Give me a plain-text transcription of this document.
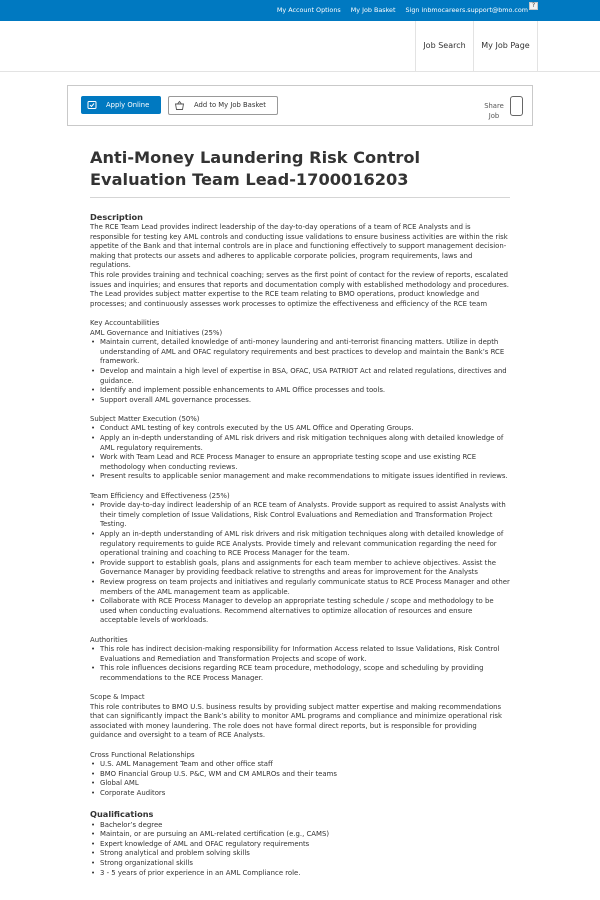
My Account Options My Job Basket Sign inbmocareers.support@bmo.com
?
Job Search	My Job Page
Apply Online	Add to My Job Basket	Share Job
Anti-Money Laundering Risk Control Evaluation Team Lead-1700016203
Description
The RCE Team Lead provides indirect leadership of the day-to-day operations of a team of RCE Analysts and is responsible for testing key AML controls and conducting issue validations to ensure business activities are within the risk appetite of the Bank and that internal controls are in place and functioning effectively to support management decision-making that protects our assets and adheres to applicable corporate policies, program requirements, laws and regulations.
This role provides training and technical coaching; serves as the first point of contact for the review of reports, escalated issues and inquiries; and ensures that reports and documentation comply with established methodology and procedures.
The Lead provides subject matter expertise to the RCE team relating to BMO operations, product knowledge and processes; and continuously assesses work processes to optimize the effectiveness and efficiency of the RCE team
Key Accountabilities
AML Governance and Initiatives (25%)
• Maintain current, detailed knowledge of anti-money laundering and anti-terrorist financing matters. Utilize in depth understanding of AML and OFAC regulatory requirements and best practices to develop and maintain the Bank’s RCE framework.
• Develop and maintain a high level of expertise in BSA, OFAC, USA PATRIOT Act and related regulations, directives and guidance.
• Identify and implement possible enhancements to AML Office processes and tools.
• Support overall AML governance processes.
Subject Matter Execution (50%)
• Conduct AML testing of key controls executed by the US AML Office and Operating Groups.
• Apply an in-depth understanding of AML risk drivers and risk mitigation techniques along with detailed knowledge of AML regulatory requirements.
• Work with Team Lead and RCE Process Manager to ensure an appropriate testing scope and use existing RCE methodology when conducting reviews.
• Present results to applicable senior management and make recommendations to mitigate issues identified in reviews.
Team Efficiency and Effectiveness (25%)
• Provide day-to-day indirect leadership of an RCE team of Analysts. Provide support as required to assist Analysts with their timely completion of Issue Validations, Risk Control Evaluations and Remediation and Transformation Project Testing.
• Apply an in-depth understanding of AML risk drivers and risk mitigation techniques along with detailed knowledge of regulatory requirements to guide RCE Analysts. Provide timely and relevant communication regarding the need for operational training and coaching to RCE Process Manager for the team.
• Provide support to establish goals, plans and assignments for each team member to achieve objectives. Assist the Governance Manager by providing feedback relative to strengths and areas for improvement for the Analysts
• Review progress on team projects and initiatives and regularly communicate status to RCE Process Manager and other members of the AML management team as applicable.
• Collaborate with RCE Process Manager to develop an appropriate testing schedule / scope and methodology to be used when conducting evaluations. Recommend alternatives to optimize allocation of resources and ensure acceptable levels of workloads.
Authorities
• This role has indirect decision-making responsibility for Information Access related to Issue Validations, Risk Control Evaluations and Remediation and Transformation Projects and scope of work.
• This role influences decisions regarding RCE team procedure, methodology, scope and scheduling by providing recommendations to the RCE Process Manager.
Scope & Impact
This role contributes to BMO U.S. business results by providing subject matter expertise and making recommendations that can significantly impact the Bank’s ability to monitor AML programs and compliance and minimize operational risk associated with money laundering. The role does not have formal direct reports, but is responsible for providing guidance and oversight to a team of RCE Analysts.
Cross Functional Relationships
• U.S. AML Management Team and other office staff
• BMO Financial Group U.S. P&C, WM and CM AMLROs and their teams
• Global AML
• Corporate Auditors
Qualifications
• Bachelor’s degree
• Maintain, or are pursuing an AML-related certification (e.g., CAMS)
• Expert knowledge of AML and OFAC regulatory requirements
• Strong analytical and problem solving skills
• Strong organizational skills
• 3 - 5 years of prior experience in an AML Compliance role.
